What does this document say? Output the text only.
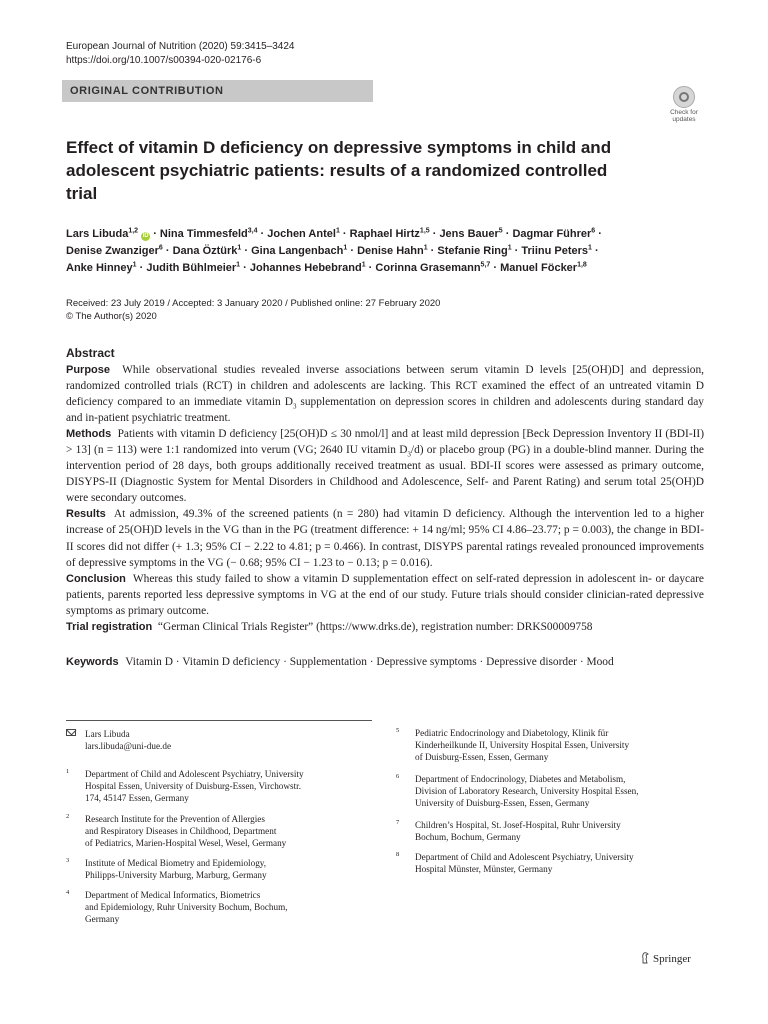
European Journal of Nutrition (2020) 59:3415–3424
https://doi.org/10.1007/s00394-020-02176-6
ORIGINAL CONTRIBUTION
Check for
updates
Effect of vitamin D deficiency on depressive symptoms in child and adolescent psychiatric patients: results of a randomized controlled trial
Lars Libuda$^{1,2}$ iD · Nina Timmesfeld$^{3,4}$ · Jochen Antel$^1$ · Raphael Hirtz$^{1,5}$ · Jens Bauer$^5$ · Dagmar Führer$^6$ ·
Denise Zwanziger$^6$ · Dana Öztürk$^1$ · Gina Langenbach$^1$ · Denise Hahn$^1$ · Stefanie Ring$^1$ · Triinu Peters$^1$ ·
Anke Hinney$^1$ · Judith Bühlmeier$^1$ · Johannes Hebebrand$^1$ · Corinna Grasemann$^{5,7}$ · Manuel Föcker$^{1,8}$
Received: 23 July 2019 / Accepted: 3 January 2020 / Published online: 27 February 2020
© The Author(s) 2020
Abstract

Purpose While observational studies revealed inverse associations between serum vitamin D levels [25(OH)D] and depression, randomized controlled trials (RCT) in children and adolescents are lacking. This RCT examined the effect of an untreated vitamin D deficiency compared to an immediate vitamin $D_3$ supplementation on depression scores in children and adolescents during standard day and in-patient psychiatric treatment.

Methods Patients with vitamin D deficiency [25(OH)D ≤ 30 nmol/l] and at least mild depression [Beck Depression Inventory II (BDI-II) > 13] (n = 113) were 1:1 randomized into verum (VG; 2640 IU vitamin $D_3/d$) or placebo group (PG) in a double-blind manner. During the intervention period of 28 days, both groups additionally received treatment as usual. BDI-II scores were assessed as primary outcome, DISYPS-II (Diagnostic System for Mental Disorders in Childhood and Adolescence, Self- and Parent Rating) and serum total 25(OH)D were secondary outcomes.

Results At admission, 49.3% of the screened patients (n = 280) had vitamin D deficiency. Although the intervention led to a higher increase of 25(OH)D levels in the VG than in the PG (treatment difference: + 14 ng/ml; 95% CI 4.86–23.77; p = 0.003), the change in BDI-II scores did not differ (+ 1.3; 95% CI − 2.22 to 4.81; p = 0.466). In contrast, DISYPS parental ratings revealed pronounced improvements of depressive symptoms in the VG (− 0.68; 95% CI − 1.23 to − 0.13; p = 0.016).

Conclusion Whereas this study failed to show a vitamin D supplementation effect on self-rated depression in adolescent in- or daycare patients, parents reported less depressive symptoms in VG at the end of our study. Future trials should consider clinician-rated depressive symptoms as primary outcome.

Trial registration “German Clinical Trials Register” (https://www.drks.de), registration number: DRKS00009758

Keywords Vitamin D · Vitamin D deficiency · Supplementation · Depressive symptoms · Depressive disorder · Mood
Lars Libuda
lars.libuda@uni-due.de
1 Department of Child and Adolescent Psychiatry, University
Hospital Essen, University of Duisburg-Essen, Virchowstr.
174, 45147 Essen, Germany
2 Research Institute for the Prevention of Allergies
and Respiratory Diseases in Childhood, Department
of Pediatrics, Marien-Hospital Wesel, Wesel, Germany
3 Institute of Medical Biometry and Epidemiology,
Philipps-University Marburg, Marburg, Germany
4 Department of Medical Informatics, Biometrics
and Epidemiology, Ruhr University Bochum, Bochum,
Germany
5 Pediatric Endocrinology and Diabetology, Klinik für
Kinderheilkunde II, University Hospital Essen, University
of Duisburg-Essen, Essen, Germany
6 Department of Endocrinology, Diabetes and Metabolism,
Division of Laboratory Research, University Hospital Essen,
University of Duisburg-Essen, Essen, Germany
7 Children’s Hospital, St. Josef-Hospital, Ruhr University
Bochum, Bochum, Germany
8 Department of Child and Adolescent Psychiatry, University
Hospital Münster, Münster, Germany
Springer
